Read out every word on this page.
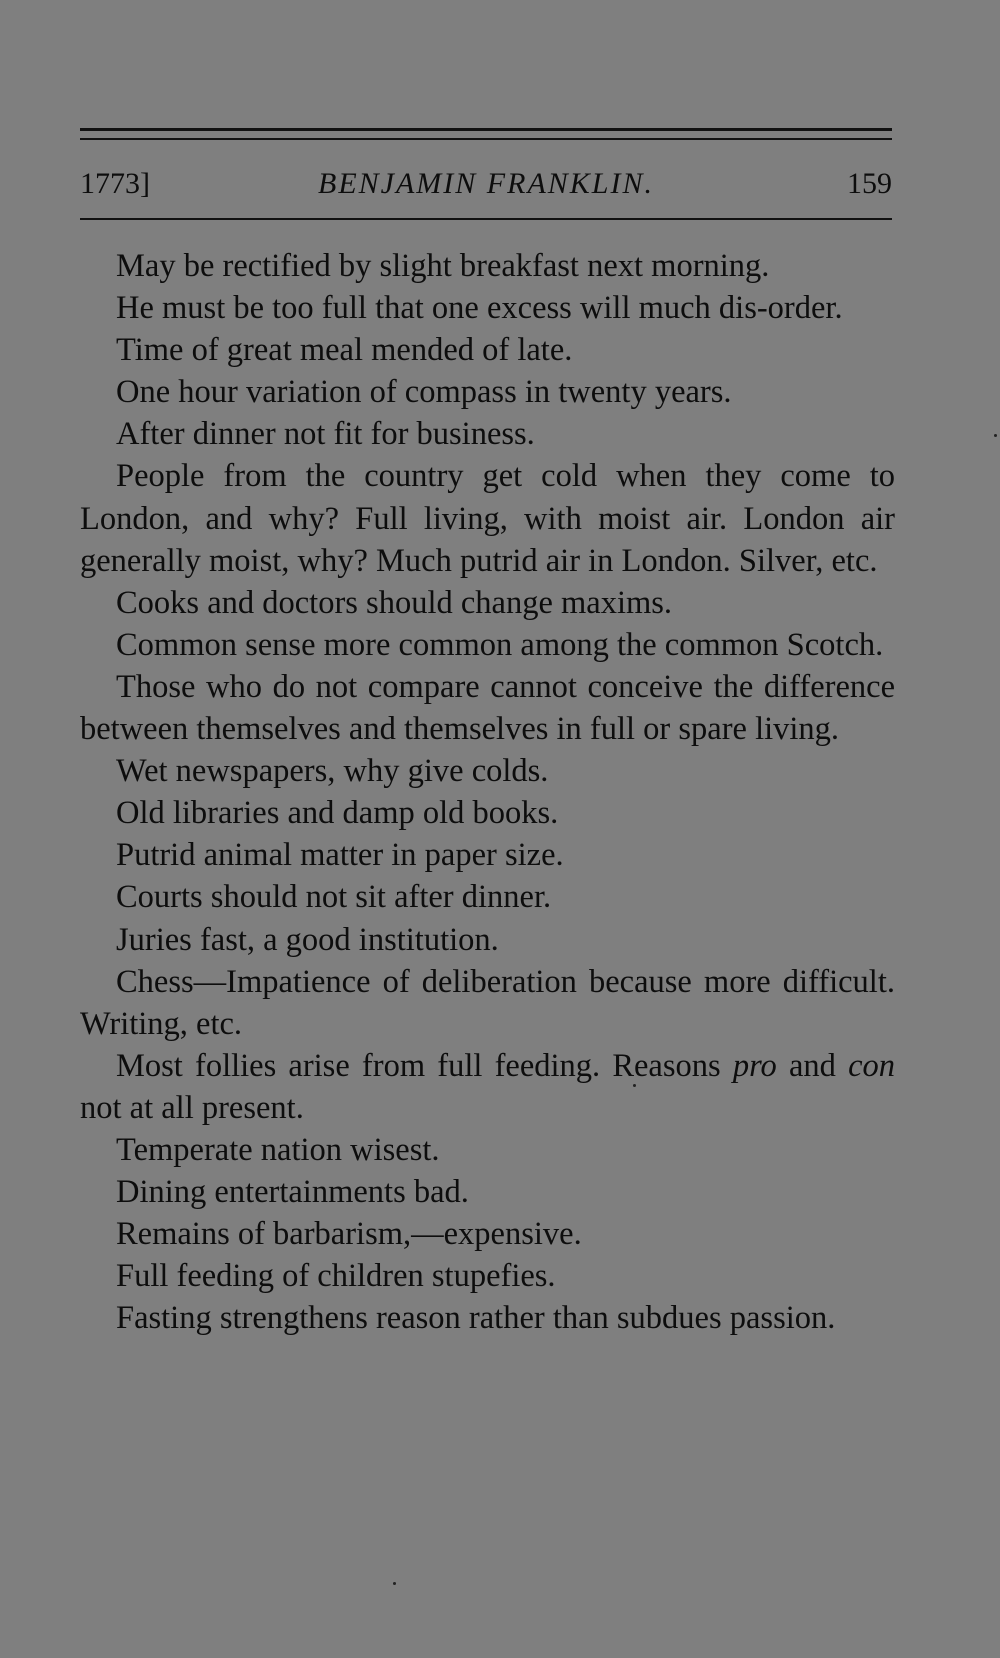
1773]	BENJAMIN FRANKLIN.	159

May be rectified by slight breakfast next morning.

He must be too full that one excess will much dis-order.

Time of great meal mended of late.

One hour variation of compass in twenty years.

After dinner not fit for business.

People from the country get cold when they come to London, and why? Full living, with moist air. London air generally moist, why? Much putrid air in London. Silver, etc.

Cooks and doctors should change maxims.

Common sense more common among the common Scotch.

Those who do not compare cannot conceive the difference between themselves and themselves in full or spare living.

Wet newspapers, why give colds.

Old libraries and damp old books.

Putrid animal matter in paper size.

Courts should not sit after dinner.

Juries fast, a good institution.

Chess—Impatience of deliberation because more difficult. Writing, etc.

Most follies arise from full feeding. Reasons pro and con not at all present.

Temperate nation wisest.

Dining entertainments bad.

Remains of barbarism,—expensive.

Full feeding of children stupefies.

Fasting strengthens reason rather than subdues passion.
